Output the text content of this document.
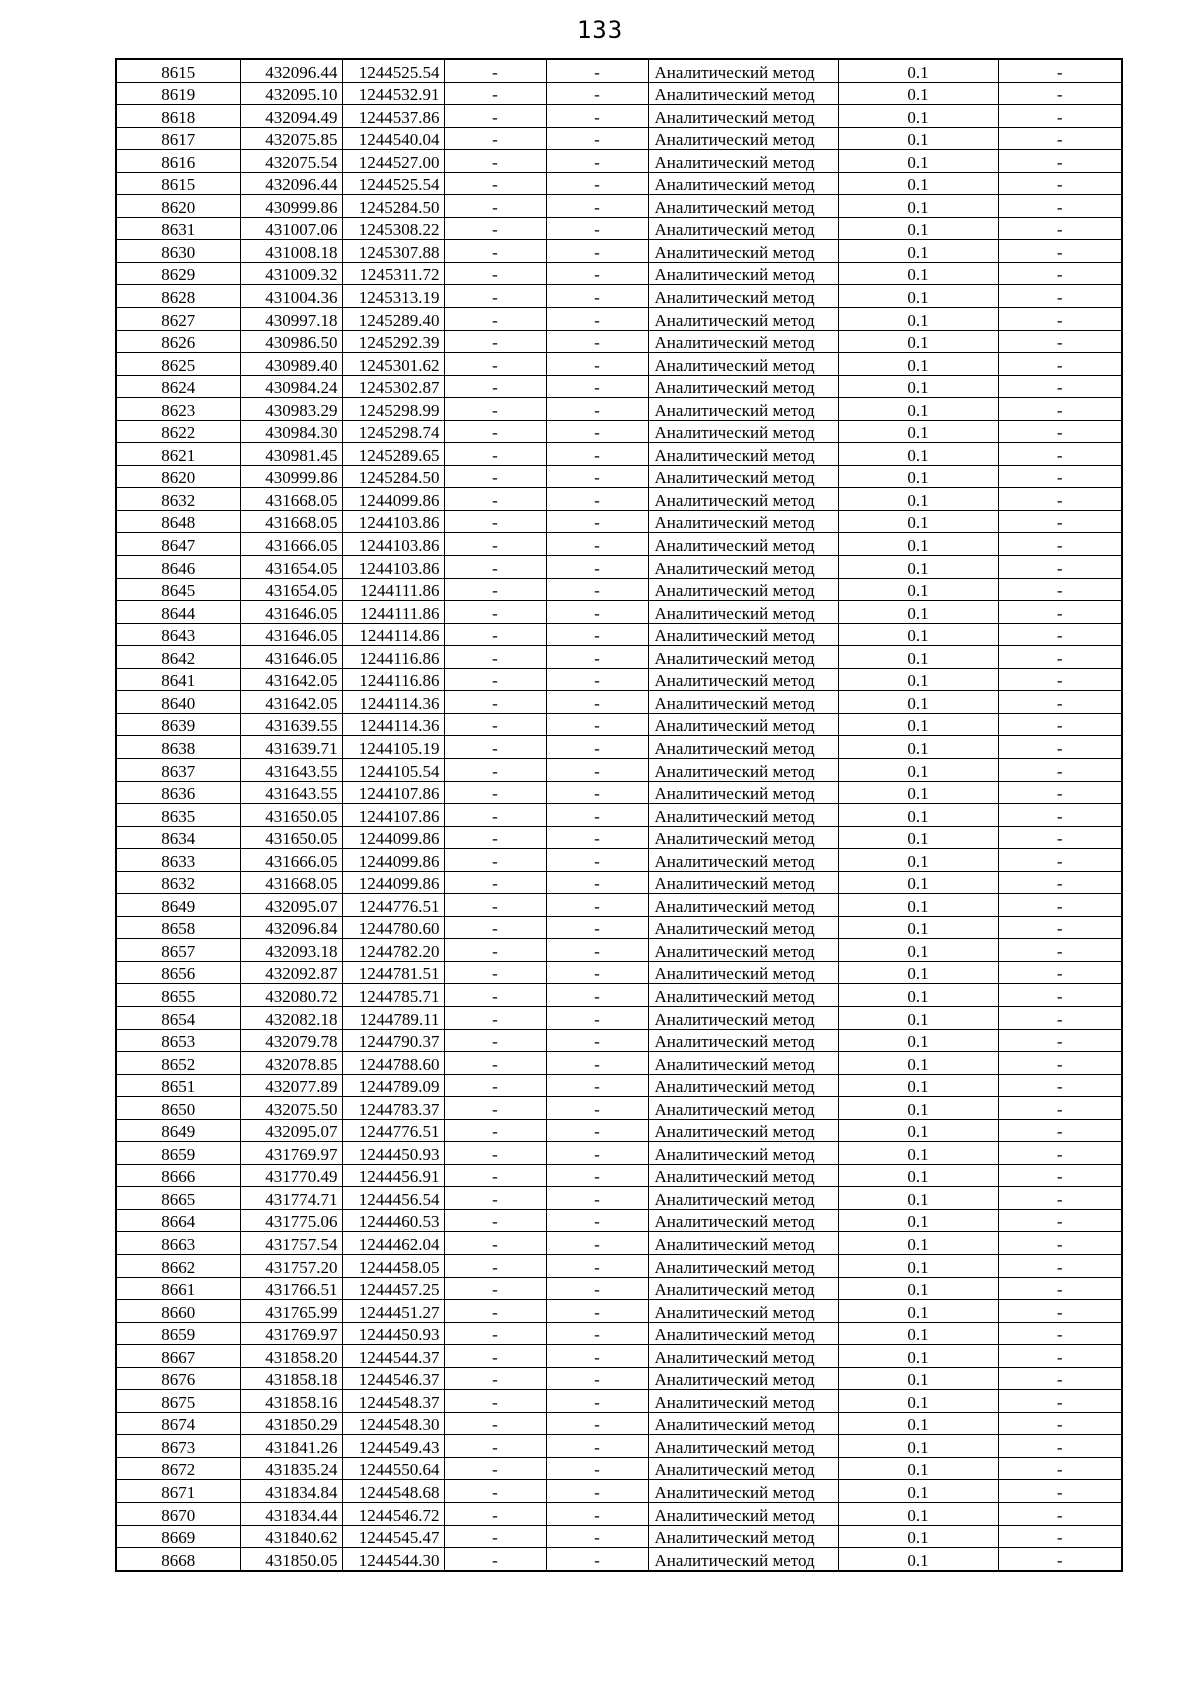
133
8615	432096.44	1244525.54	-	-	Аналитический метод	0.1	-
8619	432095.10	1244532.91	-	-	Аналитический метод	0.1	-
8618	432094.49	1244537.86	-	-	Аналитический метод	0.1	-
8617	432075.85	1244540.04	-	-	Аналитический метод	0.1	-
8616	432075.54	1244527.00	-	-	Аналитический метод	0.1	-
8615	432096.44	1244525.54	-	-	Аналитический метод	0.1	-
8620	430999.86	1245284.50	-	-	Аналитический метод	0.1	-
8631	431007.06	1245308.22	-	-	Аналитический метод	0.1	-
8630	431008.18	1245307.88	-	-	Аналитический метод	0.1	-
8629	431009.32	1245311.72	-	-	Аналитический метод	0.1	-
8628	431004.36	1245313.19	-	-	Аналитический метод	0.1	-
8627	430997.18	1245289.40	-	-	Аналитический метод	0.1	-
8626	430986.50	1245292.39	-	-	Аналитический метод	0.1	-
8625	430989.40	1245301.62	-	-	Аналитический метод	0.1	-
8624	430984.24	1245302.87	-	-	Аналитический метод	0.1	-
8623	430983.29	1245298.99	-	-	Аналитический метод	0.1	-
8622	430984.30	1245298.74	-	-	Аналитический метод	0.1	-
8621	430981.45	1245289.65	-	-	Аналитический метод	0.1	-
8620	430999.86	1245284.50	-	-	Аналитический метод	0.1	-
8632	431668.05	1244099.86	-	-	Аналитический метод	0.1	-
8648	431668.05	1244103.86	-	-	Аналитический метод	0.1	-
8647	431666.05	1244103.86	-	-	Аналитический метод	0.1	-
8646	431654.05	1244103.86	-	-	Аналитический метод	0.1	-
8645	431654.05	1244111.86	-	-	Аналитический метод	0.1	-
8644	431646.05	1244111.86	-	-	Аналитический метод	0.1	-
8643	431646.05	1244114.86	-	-	Аналитический метод	0.1	-
8642	431646.05	1244116.86	-	-	Аналитический метод	0.1	-
8641	431642.05	1244116.86	-	-	Аналитический метод	0.1	-
8640	431642.05	1244114.36	-	-	Аналитический метод	0.1	-
8639	431639.55	1244114.36	-	-	Аналитический метод	0.1	-
8638	431639.71	1244105.19	-	-	Аналитический метод	0.1	-
8637	431643.55	1244105.54	-	-	Аналитический метод	0.1	-
8636	431643.55	1244107.86	-	-	Аналитический метод	0.1	-
8635	431650.05	1244107.86	-	-	Аналитический метод	0.1	-
8634	431650.05	1244099.86	-	-	Аналитический метод	0.1	-
8633	431666.05	1244099.86	-	-	Аналитический метод	0.1	-
8632	431668.05	1244099.86	-	-	Аналитический метод	0.1	-
8649	432095.07	1244776.51	-	-	Аналитический метод	0.1	-
8658	432096.84	1244780.60	-	-	Аналитический метод	0.1	-
8657	432093.18	1244782.20	-	-	Аналитический метод	0.1	-
8656	432092.87	1244781.51	-	-	Аналитический метод	0.1	-
8655	432080.72	1244785.71	-	-	Аналитический метод	0.1	-
8654	432082.18	1244789.11	-	-	Аналитический метод	0.1	-
8653	432079.78	1244790.37	-	-	Аналитический метод	0.1	-
8652	432078.85	1244788.60	-	-	Аналитический метод	0.1	-
8651	432077.89	1244789.09	-	-	Аналитический метод	0.1	-
8650	432075.50	1244783.37	-	-	Аналитический метод	0.1	-
8649	432095.07	1244776.51	-	-	Аналитический метод	0.1	-
8659	431769.97	1244450.93	-	-	Аналитический метод	0.1	-
8666	431770.49	1244456.91	-	-	Аналитический метод	0.1	-
8665	431774.71	1244456.54	-	-	Аналитический метод	0.1	-
8664	431775.06	1244460.53	-	-	Аналитический метод	0.1	-
8663	431757.54	1244462.04	-	-	Аналитический метод	0.1	-
8662	431757.20	1244458.05	-	-	Аналитический метод	0.1	-
8661	431766.51	1244457.25	-	-	Аналитический метод	0.1	-
8660	431765.99	1244451.27	-	-	Аналитический метод	0.1	-
8659	431769.97	1244450.93	-	-	Аналитический метод	0.1	-
8667	431858.20	1244544.37	-	-	Аналитический метод	0.1	-
8676	431858.18	1244546.37	-	-	Аналитический метод	0.1	-
8675	431858.16	1244548.37	-	-	Аналитический метод	0.1	-
8674	431850.29	1244548.30	-	-	Аналитический метод	0.1	-
8673	431841.26	1244549.43	-	-	Аналитический метод	0.1	-
8672	431835.24	1244550.64	-	-	Аналитический метод	0.1	-
8671	431834.84	1244548.68	-	-	Аналитический метод	0.1	-
8670	431834.44	1244546.72	-	-	Аналитический метод	0.1	-
8669	431840.62	1244545.47	-	-	Аналитический метод	0.1	-
8668	431850.05	1244544.30	-	-	Аналитический метод	0.1	-
